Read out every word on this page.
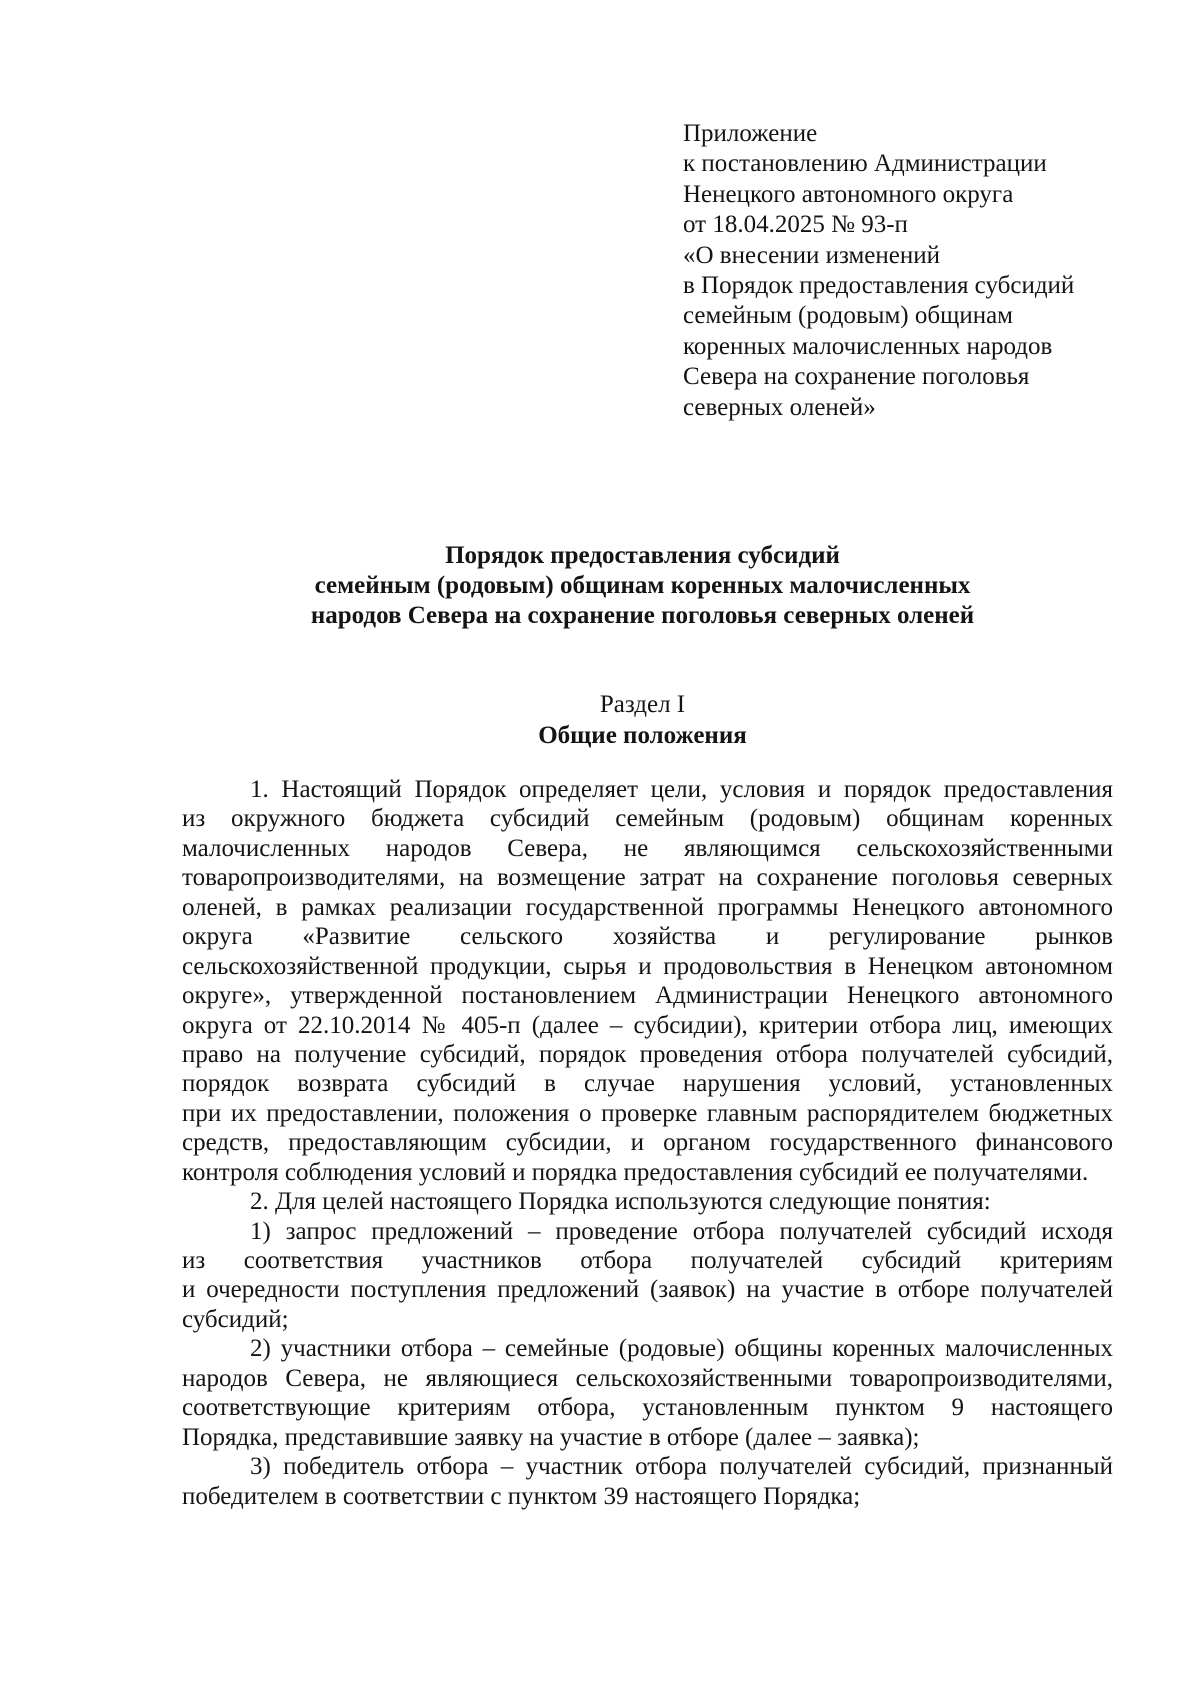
Приложение
к постановлению Администрации
Ненецкого автономного округа
от 18.04.2025 № 93-п
«О внесении изменений
в Порядок предоставления субсидий
семейным (родовым) общинам
коренных малочисленных народов
Севера на сохранение поголовья
северных оленей»
Порядок предоставления субсидий
семейным (родовым) общинам коренных малочисленных
народов Севера на сохранение поголовья северных оленей
Раздел I
Общие положения
1. Настоящий Порядок определяет цели, условия и порядок предоставления
из окружного бюджета субсидий семейным (родовым) общинам коренных
малочисленных народов Севера, не являющимся сельскохозяйственными
товаропроизводителями, на возмещение затрат на сохранение поголовья северных
оленей, в рамках реализации государственной программы Ненецкого автономного
округа «Развитие сельского хозяйства и регулирование рынков
сельскохозяйственной продукции, сырья и продовольствия в Ненецком автономном
округе», утвержденной постановлением Администрации Ненецкого автономного
округа от 22.10.2014 № 405-п (далее – субсидии), критерии отбора лиц, имеющих
право на получение субсидий, порядок проведения отбора получателей субсидий,
порядок возврата субсидий в случае нарушения условий, установленных
при их предоставлении, положения о проверке главным распорядителем бюджетных
средств, предоставляющим субсидии, и органом государственного финансового
контроля соблюдения условий и порядка предоставления субсидий ее получателями.
2. Для целей настоящего Порядка используются следующие понятия:
1) запрос предложений – проведение отбора получателей субсидий исходя
из соответствия участников отбора получателей субсидий критериям
и очередности поступления предложений (заявок) на участие в отборе получателей
субсидий;
2) участники отбора – семейные (родовые) общины коренных малочисленных
народов Севера, не являющиеся сельскохозяйственными товаропроизводителями,
соответствующие критериям отбора, установленным пунктом 9 настоящего
Порядка, представившие заявку на участие в отборе (далее – заявка);
3) победитель отбора – участник отбора получателей субсидий, признанный
победителем в соответствии с пунктом 39 настоящего Порядка;
